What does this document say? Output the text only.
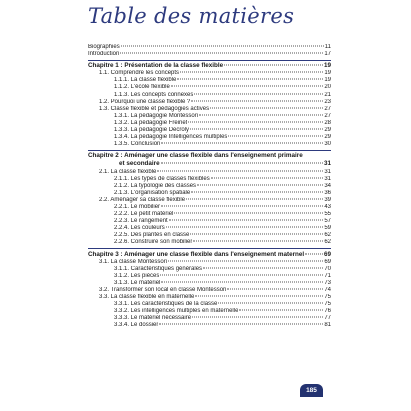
Table des matières
Biographies	11
Introduction	17
Chapitre 1 : Présentation de la classe flexible	19
1.1. Comprendre les concepts	19
1.1.1. La classe flexible	19
1.1.2. L'école flexible	20
1.1.3. Les concepts connexes	21
1.2. Pourquoi une classe flexible ?	23
1.3. Classe flexible et pédagogies actives	27
1.3.1. La pédagogie Montessori	27
1.3.2. La pédagogie Freinet	28
1.3.3. La pédagogie Decroly	29
1.3.4. La pédagogie Intelligences multiples	29
1.3.5. Conclusion	30
Chapitre 2 : Aménager une classe flexible dans l'enseignement primaire
et secondaire	31
2.1. La classe flexible	31
2.1.1. Les types de classes flexibles	31
2.1.2. La typologie des classes	34
2.1.3. L'organisation spatiale	36
2.2. Aménager sa classe flexible	39
2.2.1. Le mobilier	43
2.2.2. Le petit matériel	55
2.2.3. Le rangement	57
2.2.4. Les couleurs	59
2.2.5. Des plantes en classe	62
2.2.6. Construire son mobilier	62
Chapitre 3 : Aménager une classe flexible dans l'enseignement maternel	69
3.1. La classe Montessori	69
3.1.1. Caractéristiques générales	70
3.1.2. Les pièces	71
3.1.3. Le matériel	73
3.2. Transformer son local en classe Montessori	74
3.3. La classe flexible en maternelle	75
3.3.1. Les caractéristiques de la classe	75
3.3.2. Les intelligences multiples en maternelle	76
3.3.3. Le matériel nécessaire	77
3.3.4. Le dossier	81
185
